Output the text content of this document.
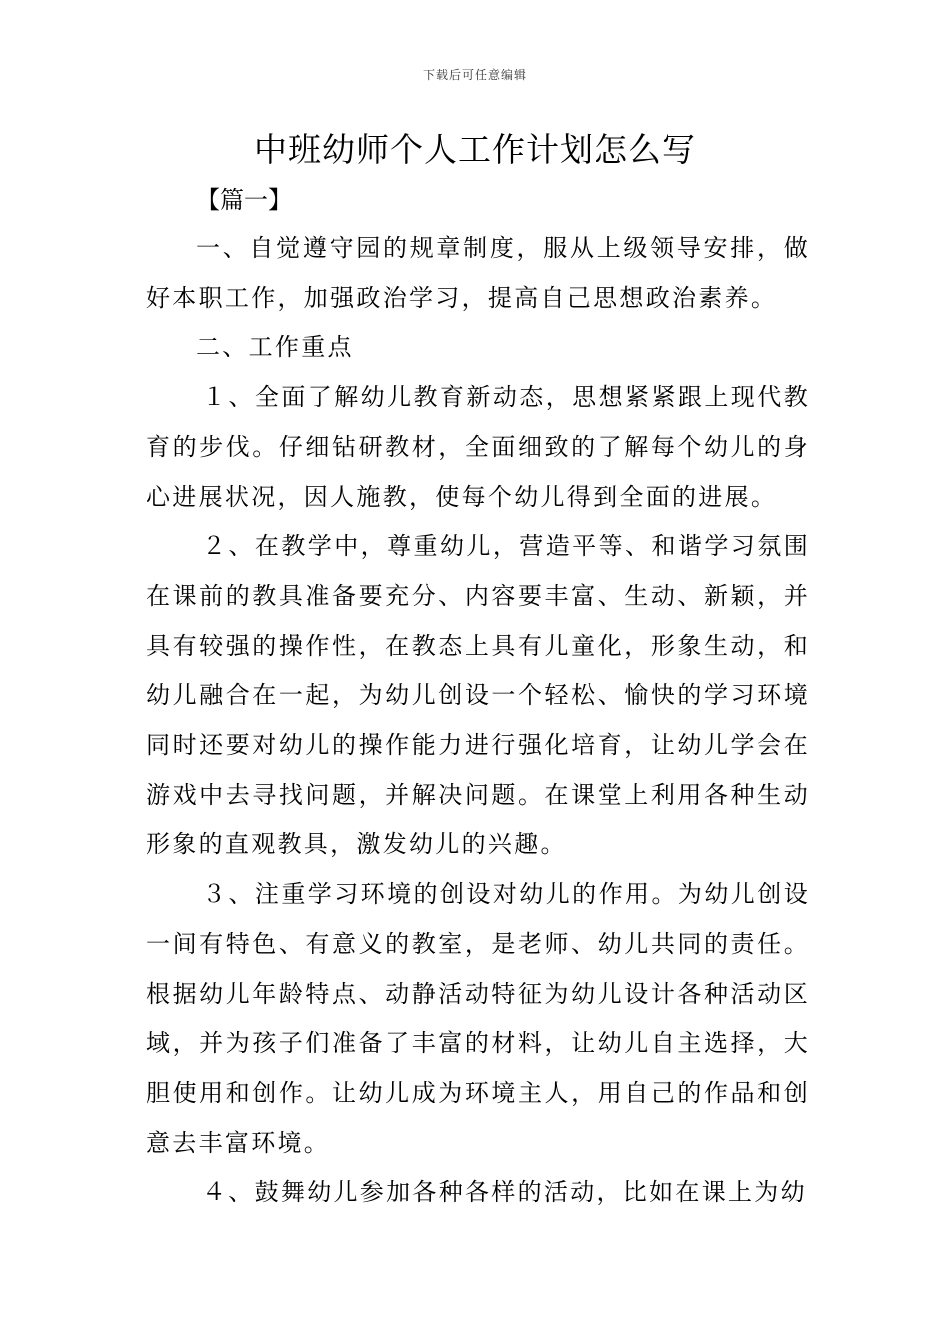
下载后可任意编辑
中班幼师个人工作计划怎么写
【篇一】

一、自觉遵守园的规章制度，服从上级领导安排，做好本职工作，加强政治学习，提高自己思想政治素养。

二、工作重点

１、全面了解幼儿教育新动态，思想紧紧跟上现代教育的步伐。仔细钻研教材，全面细致的了解每个幼儿的身心进展状况，因人施教，使每个幼儿得到全面的进展。

２、在教学中，尊重幼儿，营造平等、和谐学习氛围在课前的教具准备要充分、内容要丰富、生动、新颖，并具有较强的操作性，在教态上具有儿童化，形象生动，和幼儿融合在一起，为幼儿创设一个轻松、愉快的学习环境同时还要对幼儿的操作能力进行强化培育，让幼儿学会在游戏中去寻找问题，并解决问题。在课堂上利用各种生动形象的直观教具，激发幼儿的兴趣。

３、注重学习环境的创设对幼儿的作用。为幼儿创设一间有特色、有意义的教室，是老师、幼儿共同的责任。根据幼儿年龄特点、动静活动特征为幼儿设计各种活动区域，并为孩子们准备了丰富的材料，让幼儿自主选择，大胆使用和创作。让幼儿成为环境主人，用自己的作品和创意去丰富环境。

４、鼓舞幼儿参加各种各样的活动，比如在课上为幼
